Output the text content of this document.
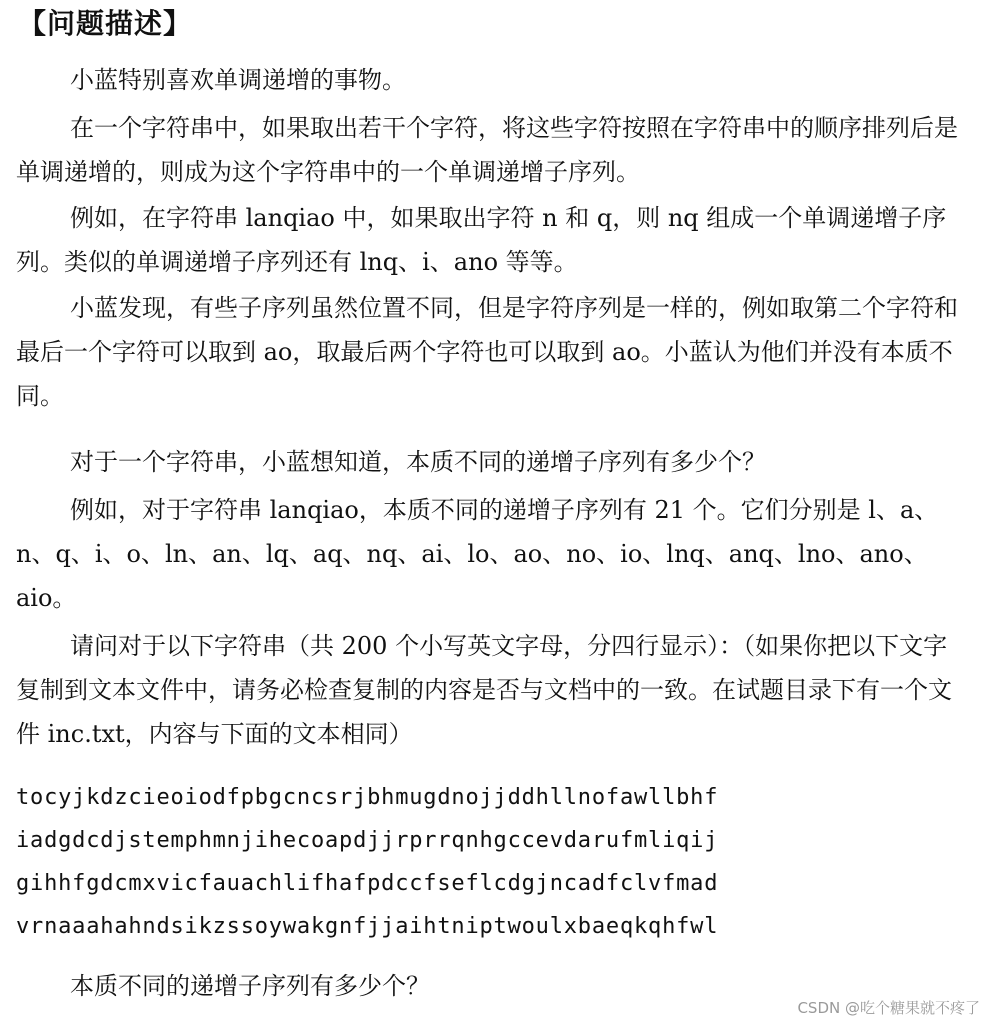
【问题描述】

小蓝特别喜欢单调递增的事物。

在一个字符串中，如果取出若干个字符，将这些字符按照在字符串中的顺序排列后是单调递增的，则成为这个字符串中的一个单调递增子序列。

例如，在字符串 lanqiao 中，如果取出字符 n 和 q，则 nq 组成一个单调递增子序列。类似的单调递增子序列还有 lnq、i、ano 等等。

小蓝发现，有些子序列虽然位置不同，但是字符序列是一样的，例如取第二个字符和最后一个字符可以取到 ao，取最后两个字符也可以取到 ao。小蓝认为他们并没有本质不同。

对于一个字符串，小蓝想知道，本质不同的递增子序列有多少个？

例如，对于字符串 lanqiao，本质不同的递增子序列有 21 个。它们分别是 l、a、n、q、i、o、ln、an、lq、aq、nq、ai、lo、ao、no、io、lnq、anq、lno、ano、aio。

请问对于以下字符串（共 200 个小写英文字母，分四行显示）：（如果你把以下文字复制到文本文件中，请务必检查复制的内容是否与文档中的一致。在试题目录下有一个文件 inc.txt，内容与下面的文本相同）

tocyjkdzcieoiodfpbgcncsrjbhmugdnojjddhllnofawllbhf
iadgdcdjstemphmnjihecoapdjjrprrqnhgccevdarufmliqij
gihhfgdcmxvicfauachlifhafpdccfseflcdgjncadfclvfmad
vrnaaahahndsikzssoywakgnfjjaihtniptwoulxbaeqkqhfwl

本质不同的递增子序列有多少个？

CSDN @吃个糖果就不疼了
